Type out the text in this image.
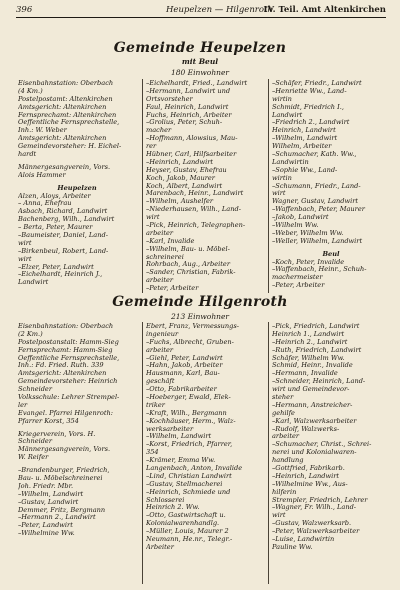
396	Heupelzen — Hilgenroth
IV. Teil. Amt Altenkirchen
Gemeinde Heupelzen
mit Beul
180 Einwohner
Eisenbahnstation: Oberbach
(4 Km.)
Postelpostamt: Altenkirchen
Amtsgericht: Altenkirchen
Fernsprechamt: Altenkirchen
Oeffentliche Fernsprechstelle,
Inh.: W. Weber
Amtsgericht: Altenkirchen
Gemeindevorsteher: H. Eichel-
hardt
Männergesangverein, Vors.
Alois Hammer
Heupelzen
Alzen, Aloys, Arbeiter
– Anna, Ehefrau
Asbach, Richard, Landwirt
Bachenberg, Wilh., Landwirt
– Berta, Peter, Maurer
–Baumeister, Daniel, Land-
wirt
–Birkenbeul, Robert, Land-
wirt
–Elzer, Peter, Landwirt
–Eichelhardt, Heinrich J.,
Landwirt
–Eichelhardt, Fried., Landwirt
–Hermann, Landwirt und
Ortsvorsteher
Faul, Heinrich, Landwirt
Fuchs, Heinrich, Arbeiter
–Grolius, Peter, Schuh-
macher
–Hoffmann, Alowsius, Mau-
rer
Hübner, Carl, Hilfsarbeiter
–Heinrich, Landwirt
Heyser, Gustav, Ehefrau
Koch, Jakob, Maurer
Koch, Albert, Landwirt
Marenbach, Heinr., Landwirt
–Wilhelm, Aushelfer
–Niederhausen, Wilh., Land-
wirt
–Pick, Heinrich, Telegraphen-
arbeiter
–Karl, Invalide
–Wilhelm, Bau- u. Möbel-
schreinerei
Rohrbach, Aug., Arbeiter
–Sander, Christian, Fabrik-
arbeiter
–Peter, Arbeiter
–Schäfer, Friedr., Landwirt
–Henriette Ww., Land-
wirtin
Schmidt, Friedrich I.,
Landwirt
–Friedrich 2., Landwirt
Heinrich, Landwirt
–Wilhelm, Landwirt
Wilhelm, Arbeiter
–Schumacher, Kath. Ww.,
Landwirtin
–Sophie Ww., Land-
wirtin
–Schumann, Friedr., Land-
wirt
Wagner, Gustav, Landwirt
–Waffenbach, Peter, Maurer
–Jakob, Landwirt
–Wilhelm Ww.
–Weber, Wilhelm Ww.
–Weller, Wilhelm, Landwirt
Beul
–Koch, Peter, Invalide
–Waffenbach, Heinr., Schuh-
machermeister
–Peter, Arbeiter
Gemeinde Hilgenroth
213 Einwohner
Eisenbahnstation: Oberbach
(2 Km.)
Postelpostanstalt: Hamm-Sieg
Fernsprechamt: Hamm-Sieg
Oeffentliche Fernsprechstelle,
Inh.: Fd. Fried. Ruth. 339
Amtsgericht: Altenkirchen
Gemeindevorsteher: Heinrich
Schneider
Volksschule: Lehrer Strempel-
ler
Evangel. Pfarrei Hilgenroth:
Pfarrer Korst, 354
Kriegerverein, Vors. H.
Schneider
Männergesangverein, Vors.
W. Reifer
–Brandenburger, Friedrich,
Bau- u. Möbelschreinerei
Joh. Friedr. Mbr.
–Wilhelm, Landwirt
–Gustav, Landwirt
Demmer, Fritz, Bergmann
–Hermann 2., Landwirt
–Peter, Landwirt
–Wilhelmine Ww.
Ebert, Franz, Vermessungs-
ingenieur
–Fuchs, Albrecht, Gruben-
arbeiter
–Giehl, Peter, Landwirt
–Hahn, Jakob, Arbeiter
Hausmann, Karl, Bau-
geschäft
–Otto, Fabrikarbeiter
–Hoeberger, Ewald, Elek-
triker
–Kraft, Wilh., Bergmann
–Kochhäuser, Herm., Walz-
werksarbeiter
–Wilhelm, Landwirt
–Korst, Friedrich, Pfarrer,
354
–Krämer, Emma Ww.
Langenbach, Anton, Invalide
–Lind, Christian Landwirt
–Gustav, Stellmacherei
–Heinrich, Schmiede und
Schlosserei
Heinrich 2. Ww.
–Otto, Gastwirtschaft u.
Kolonialwarenhandlg.
–Müller, Louis, Maurer 2
Neumann, He.nr., Telegr.-
Arbeiter
–Pick, Friedrich, Landwirt
Heinrich 1., Landwirt
–Heinrich 2., Landwirt
–Ruth, Friedrich, Landwirt
Schäfer, Wilhelm Ww.
Schmid, Heinr., Invalide
–Hermann, Invalide
–Schneider, Heinrich, Land-
wirt und Gemeindevor-
steher
–Hermann, Anstreicher-
gehilfe
–Karl, Walzwerksarbeiter
–Rudolf, Walzwerks-
arbeiter
–Schumacher, Christ., Schrei-
nerei und Kolonialwaren-
handlung
–Gottfried, Fabrikarb.
–Heinrich, Landwirt
–Wilhelmine Ww., Aus-
hilferin
Strempler, Friedrich, Lehrer
–Wagner, Fr. Wilh., Land-
wirt
–Gustav, Walzwerksarb.
–Peter, Walzwerksarbeiter
–Luise, Landwirtin
Pauline Ww.
